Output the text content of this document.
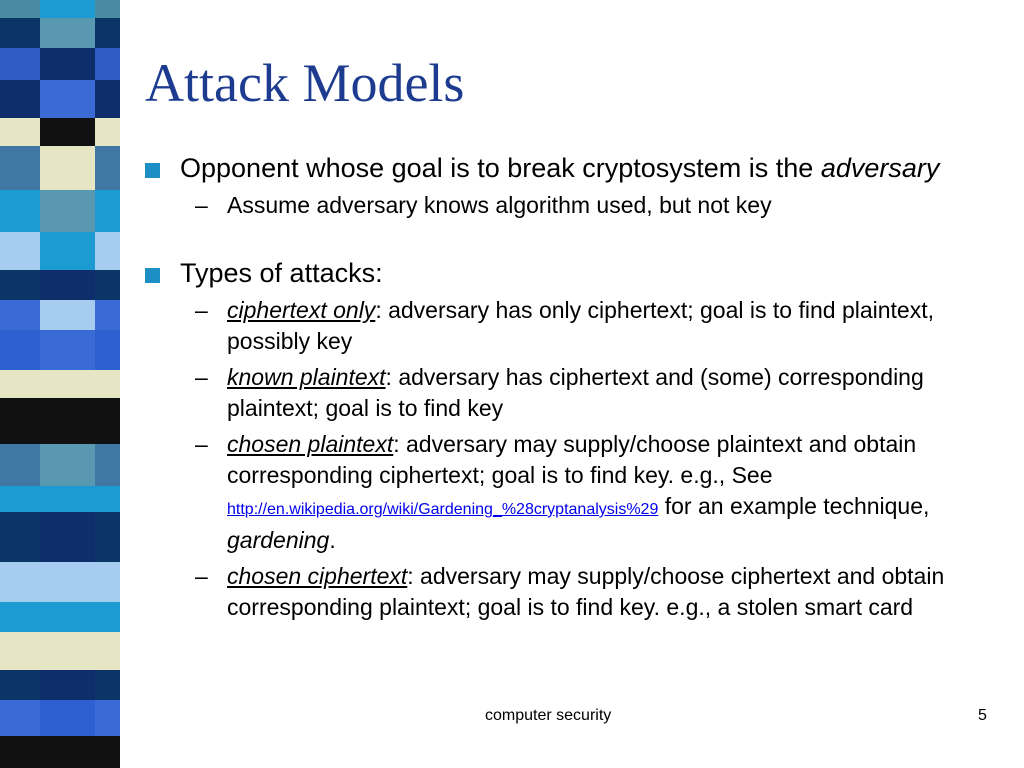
Attack Models
Opponent whose goal is to break cryptosystem is the adversary
– Assume adversary knows algorithm used, but not key
Types of attacks:
– ciphertext only: adversary has only ciphertext; goal is to find plaintext, possibly key
– known plaintext: adversary has ciphertext and (some) corresponding plaintext; goal is to find key
– chosen plaintext: adversary may supply/choose plaintext and obtain corresponding ciphertext; goal is to find key. e.g., See http://en.wikipedia.org/wiki/Gardening_%28cryptanalysis%29 for an example technique, gardening.
– chosen ciphertext: adversary may supply/choose ciphertext and obtain corresponding plaintext; goal is to find key. e.g., a stolen smart card
computer security	5
